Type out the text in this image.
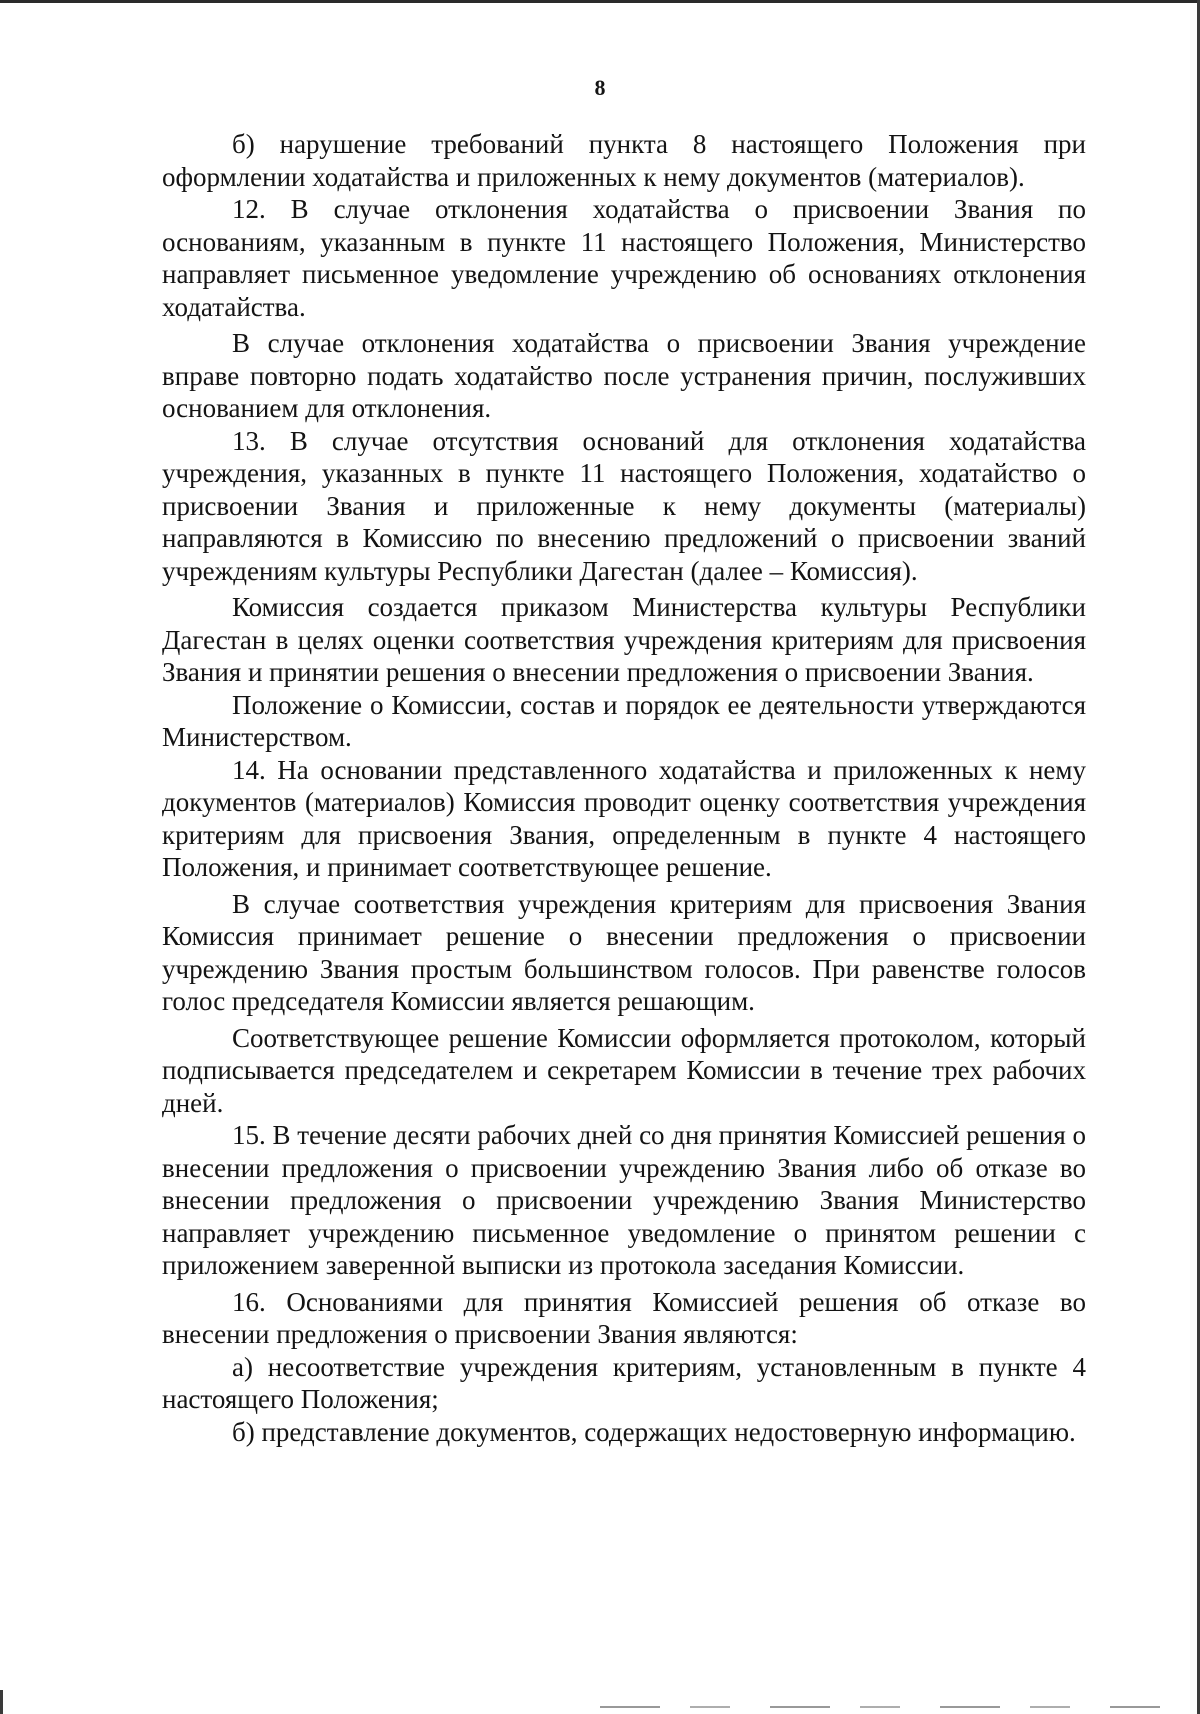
8

б) нарушение требований пункта 8 настоящего Положения при оформлении ходатайства и приложенных к нему документов (материалов).

12. В случае отклонения ходатайства о присвоении Звания по основаниям, указанным в пункте 11 настоящего Положения, Министерство направляет письменное уведомление учреждению об основаниях отклонения ходатайства.

В случае отклонения ходатайства о присвоении Звания учреждение вправе повторно подать ходатайство после устранения причин, послуживших основанием для отклонения.

13. В случае отсутствия оснований для отклонения ходатайства учреждения, указанных в пункте 11 настоящего Положения, ходатайство о присвоении Звания и приложенные к нему документы (материалы) направляются в Комиссию по внесению предложений о присвоении званий учреждениям культуры Республики Дагестан (далее – Комиссия).

Комиссия создается приказом Министерства культуры Республики Дагестан в целях оценки соответствия учреждения критериям для присвоения Звания и принятии решения о внесении предложения о присвоении Звания.

Положение о Комиссии, состав и порядок ее деятельности утверждаются Министерством.

14. На основании представленного ходатайства и приложенных к нему документов (материалов) Комиссия проводит оценку соответствия учреждения критериям для присвоения Звания, определенным в пункте 4 настоящего Положения, и принимает соответствующее решение.

В случае соответствия учреждения критериям для присвоения Звания Комиссия принимает решение о внесении предложения о присвоении учреждению Звания простым большинством голосов. При равенстве голосов голос председателя Комиссии является решающим.

Соответствующее решение Комиссии оформляется протоколом, который подписывается председателем и секретарем Комиссии в течение трех рабочих дней.

15. В течение десяти рабочих дней со дня принятия Комиссией решения о внесении предложения о присвоении учреждению Звания либо об отказе во внесении предложения о присвоении учреждению Звания Министерство направляет учреждению письменное уведомление о принятом решении с приложением заверенной выписки из протокола заседания Комиссии.

16. Основаниями для принятия Комиссией решения об отказе во внесении предложения о присвоении Звания являются:

а) несоответствие учреждения критериям, установленным в пункте 4 настоящего Положения;

б) представление документов, содержащих недостоверную информацию.
